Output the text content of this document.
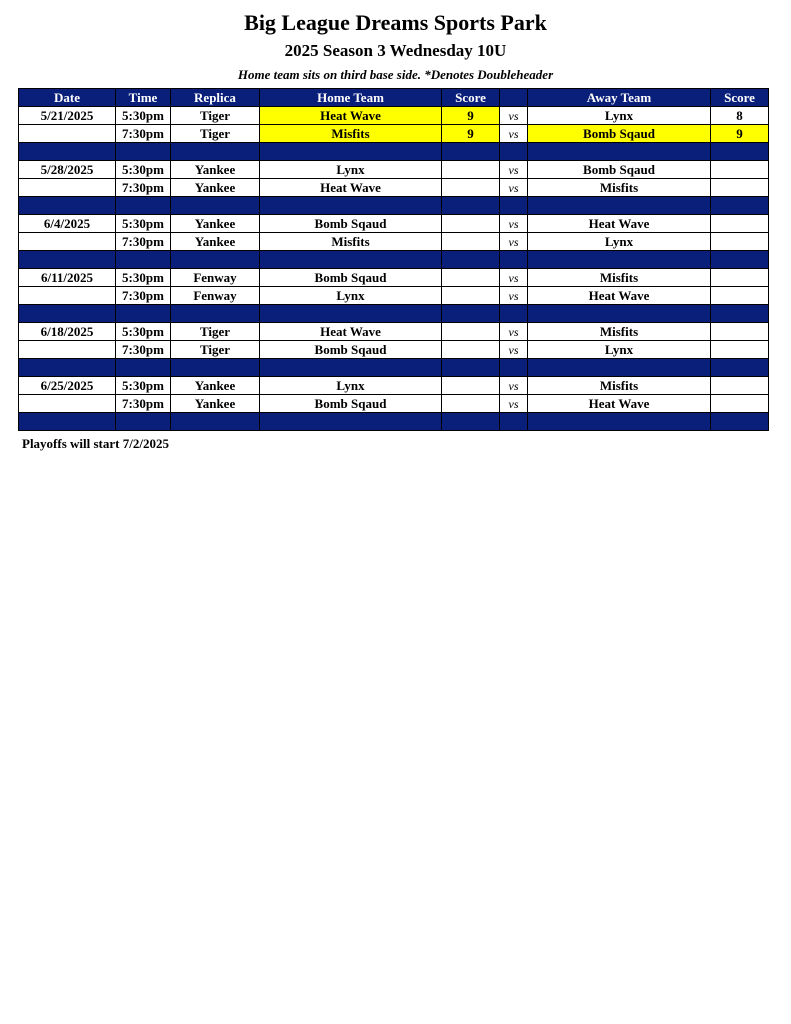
Big League Dreams Sports Park
2025 Season 3 Wednesday 10U
Home team sits on third base side. *Denotes Doubleheader
Date	Time	Replica	Home Team	Score		Away Team	Score
5/21/2025	5:30pm	Tiger	Heat Wave	9	vs	Lynx	8
	7:30pm	Tiger	Misfits	9	vs	Bomb Sqaud	9

5/28/2025	5:30pm	Yankee	Lynx		vs	Bomb Sqaud	
	7:30pm	Yankee	Heat Wave		vs	Misfits	

6/4/2025	5:30pm	Yankee	Bomb Sqaud		vs	Heat Wave	
	7:30pm	Yankee	Misfits		vs	Lynx	

6/11/2025	5:30pm	Fenway	Bomb Sqaud		vs	Misfits	
	7:30pm	Fenway	Lynx		vs	Heat Wave	

6/18/2025	5:30pm	Tiger	Heat Wave		vs	Misfits	
	7:30pm	Tiger	Bomb Sqaud		vs	Lynx	

6/25/2025	5:30pm	Yankee	Lynx		vs	Misfits	
	7:30pm	Yankee	Bomb Sqaud		vs	Heat Wave	

Playoffs will start 7/2/2025
